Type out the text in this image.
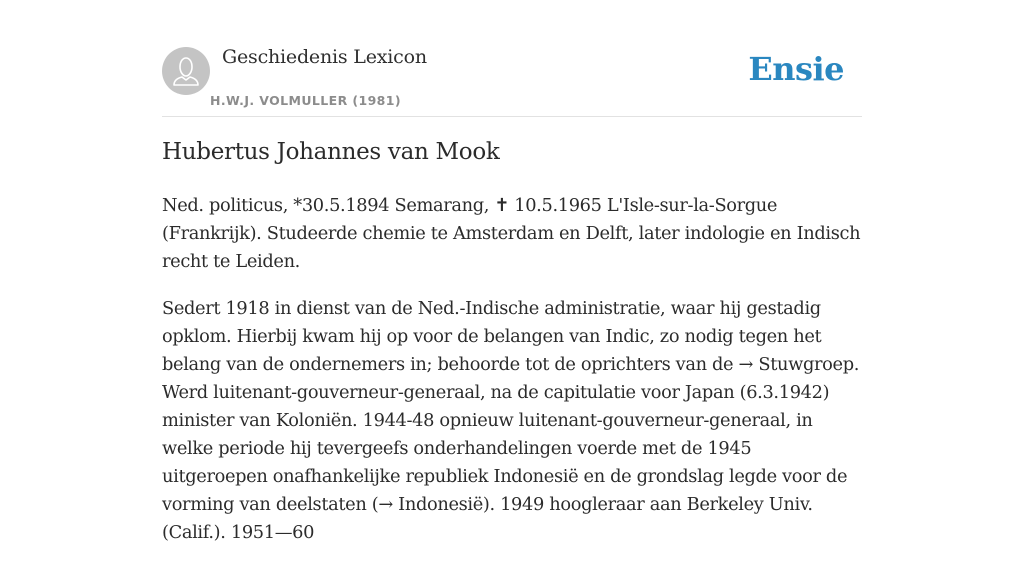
Geschiedenis Lexicon
H.W.J. VOLMULLER (1981)
Ensie
Hubertus Johannes van Mook

Ned. politicus, *30.5.1894 Semarang, ✝ 10.5.1965 L'Isle-sur-la-Sorgue (Frankrijk). Studeerde chemie te Amsterdam en Delft, later indologie en Indisch recht te Leiden.

Sedert 1918 in dienst van de Ned.-Indische administratie, waar hij gestadig opklom. Hierbij kwam hij op voor de belangen van Indic, zo nodig tegen het belang van de ondernemers in; behoorde tot de oprichters van de → Stuwgroep. Werd luitenant-gouverneur-generaal, na de capitulatie voor Japan (6.3.1942) minister van Koloniën. 1944-48 opnieuw luitenant-gouverneur-generaal, in welke periode hij tevergeefs onderhandelingen voerde met de 1945 uitgeroepen onafhankelijke republiek Indonesië en de grondslag legde voor de vorming van deelstaten (→ Indonesië). 1949 hoogleraar aan Berkeley Univ. (Calif.). 1951—60
